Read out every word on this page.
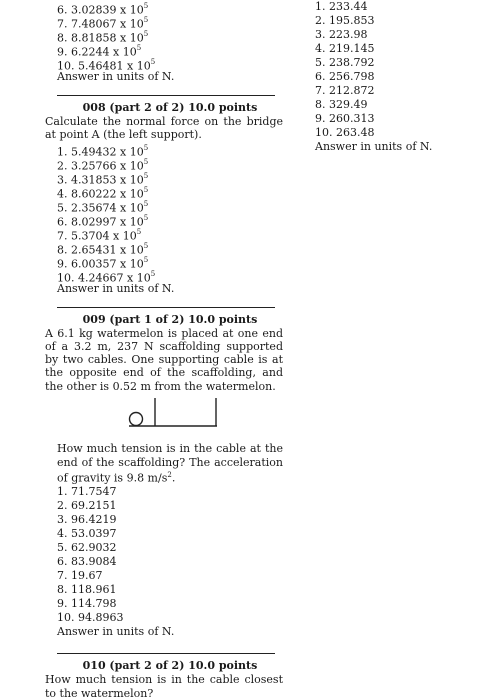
6. 3.02839 x $10^5$
7. 7.48067 x $10^5$
8. 8.81858 x $10^5$
9. 6.2244 x $10^5$
10. 5.46481 x $10^5$
Answer in units of N.
008 (part 2 of 2) 10.0 points
Calculate the normal force on the bridge at point A (the left support).
1. 5.49432 x $10^5$
2. 3.25766 x $10^5$
3. 4.31853 x $10^5$
4. 8.60222 x $10^5$
5. 2.35674 x $10^5$
6. 8.02997 x $10^5$
7. 5.3704 x $10^5$
8. 2.65431 x $10^5$
9. 6.00357 x $10^5$
10. 4.24667 x $10^5$
Answer in units of N.
009 (part 1 of 2) 10.0 points
A 6.1 kg watermelon is placed at one end of a 3.2 m, 237 N scaffolding supported by two cables. One supporting cable is at the opposite end of the scaffolding, and the other is 0.52 m from the watermelon.
How much tension is in the cable at the end of the scaffolding? The acceleration of gravity is 9.8 $m/s^2$.
1. 71.7547
2. 69.2151
3. 96.4219
4. 53.0397
5. 62.9032
6. 83.9084
7. 19.67
8. 118.961
9. 114.798
10. 94.8963
Answer in units of N.
010 (part 2 of 2) 10.0 points
How much tension is in the cable closest to the watermelon?
1. 233.44
2. 195.853
3. 223.98
4. 219.145
5. 238.792
6. 256.798
7. 212.872
8. 329.49
9. 260.313
10. 263.48
Answer in units of N.
